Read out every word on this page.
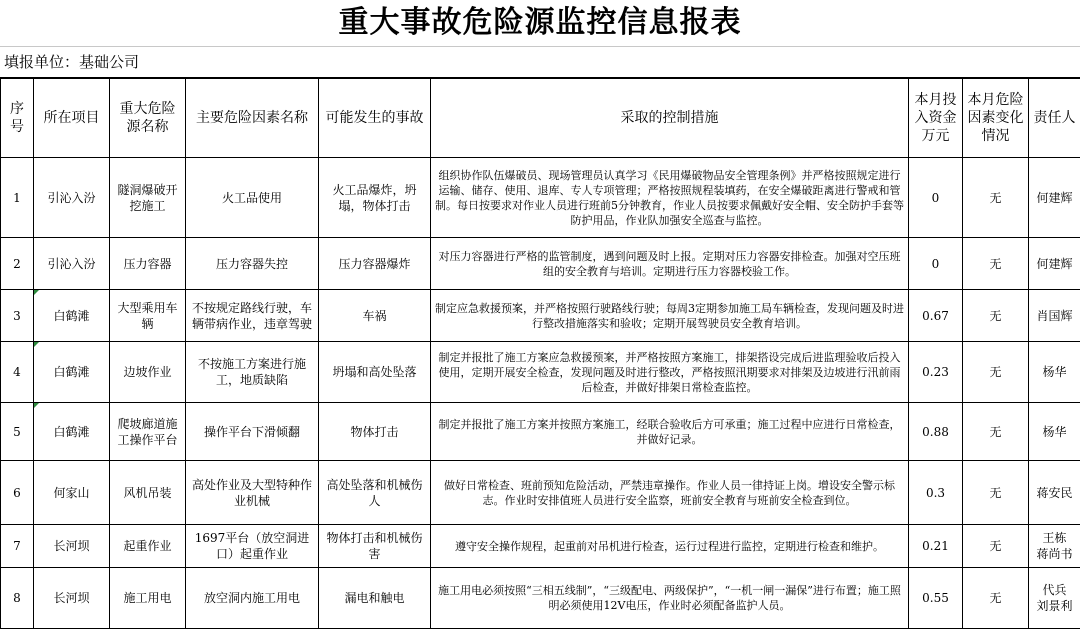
重大事故危险源监控信息报表
填报单位：基础公司
序号	所在项目	重大危险源名称	主要危险因素名称	可能发生的事故	采取的控制措施	本月投入资金万元	本月危险因素变化情况	责任人
1	引沁入汾	隧洞爆破开挖施工	火工品使用	火工品爆炸，坍塌，物体打击	组织协作队伍爆破员、现场管理员认真学习《民用爆破物品安全管理条例》并严格按照规定进行运输、储存、使用、退库、专人专项管理；严格按照规程装填药，在安全爆破距离进行警戒和管制。每日按要求对作业人员进行班前5分钟教育，作业人员按要求佩戴好安全帽、安全防护手套等防护用品，作业队加强安全巡查与监控。	0	无	何建辉
2	引沁入汾	压力容器	压力容器失控	压力容器爆炸	对压力容器进行严格的监管制度，遇到问题及时上报。定期对压力容器安排检查。加强对空压班组的安全教育与培训。定期进行压力容器校验工作。	0	无	何建辉
3	白鹤滩	大型乘用车辆	不按规定路线行驶，车辆带病作业，违章驾驶	车祸	制定应急救援预案，并严格按照行驶路线行驶；每周3定期参加施工局车辆检查，发现问题及时进行整改措施落实和验收；定期开展驾驶员安全教育培训。	0.67	无	肖国辉
4	白鹤滩	边坡作业	不按施工方案进行施工，地质缺陷	坍塌和高处坠落	制定并报批了施工方案应急救援预案，并严格按照方案施工，排架搭设完成后进监理验收后投入使用，定期开展安全检查，发现问题及时进行整改，严格按照汛期要求对排架及边坡进行汛前雨后检查，并做好排架日常检查监控。	0.23	无	杨华
5	白鹤滩	爬坡廊道施工操作平台	操作平台下滑倾翻	物体打击	制定并报批了施工方案并按照方案施工，经联合验收后方可承重；施工过程中应进行日常检查，并做好记录。	0.88	无	杨华
6	何家山	风机吊装	高处作业及大型特种作业机械	高处坠落和机械伤人	做好日常检查、班前预知危险活动，严禁违章操作。作业人员一律持证上岗。增设安全警示标志。作业时安排值班人员进行安全监察，班前安全教育与班前安全检查到位。	0.3	无	蒋安民
7	长河坝	起重作业	1697平台（放空洞进口）起重作业	物体打击和机械伤害	遵守安全操作规程，起重前对吊机进行检查，运行过程进行监控，定期进行检查和维护。	0.21	无	王栋
蒋尚书
8	长河坝	施工用电	放空洞内施工用电	漏电和触电	施工用电必须按照“三相五线制”，“三级配电、两级保护”，“一机一闸一漏保”进行布置；施工照明必须使用12V电压，作业时必须配备监护人员。	0.55	无	代兵
刘景利
